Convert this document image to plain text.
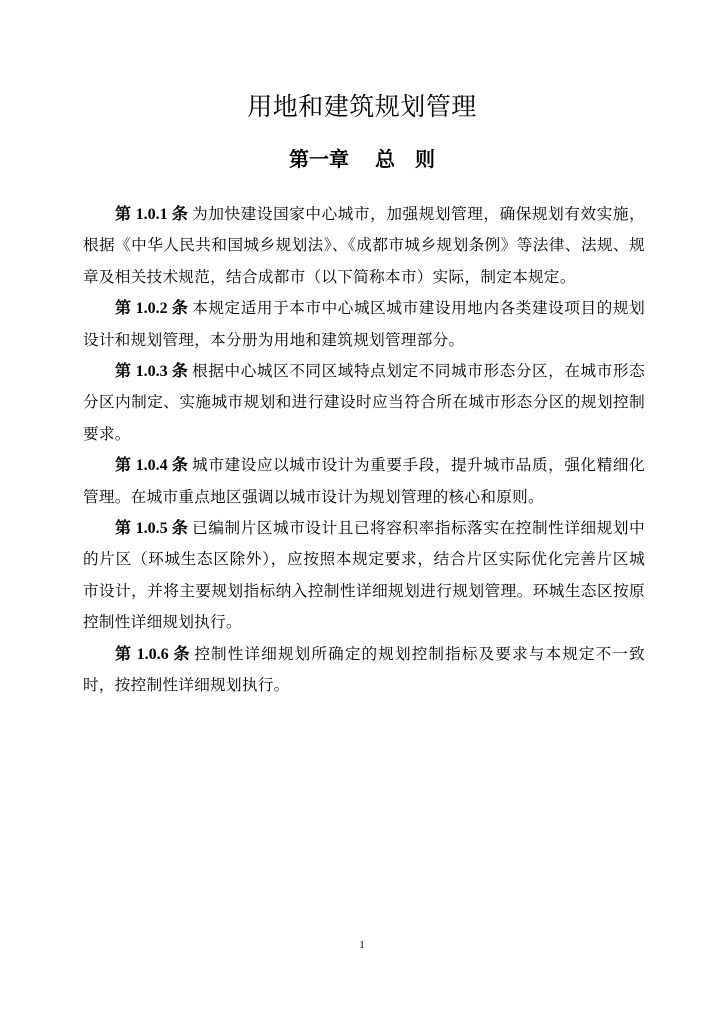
用地和建筑规划管理
第一章 总　则

第 1.0.1 条 为加快建设国家中心城市，加强规划管理，确保规划有效实施，根据《中华人民共和国城乡规划法》、《成都市城乡规划条例》等法律、法规、规章及相关技术规范，结合成都市（以下简称本市）实际，制定本规定。

第 1.0.2 条 本规定适用于本市中心城区城市建设用地内各类建设项目的规划设计和规划管理，本分册为用地和建筑规划管理部分。

第 1.0.3 条 根据中心城区不同区域特点划定不同城市形态分区，在城市形态分区内制定、实施城市规划和进行建设时应当符合所在城市形态分区的规划控制要求。

第 1.0.4 条 城市建设应以城市设计为重要手段，提升城市品质，强化精细化管理。在城市重点地区强调以城市设计为规划管理的核心和原则。

第 1.0.5 条 已编制片区城市设计且已将容积率指标落实在控制性详细规划中的片区（环城生态区除外），应按照本规定要求，结合片区实际优化完善片区城市设计，并将主要规划指标纳入控制性详细规划进行规划管理。环城生态区按原控制性详细规划执行。

第 1.0.6 条 控制性详细规划所确定的规划控制指标及要求与本规定不一致时，按控制性详细规划执行。

1
